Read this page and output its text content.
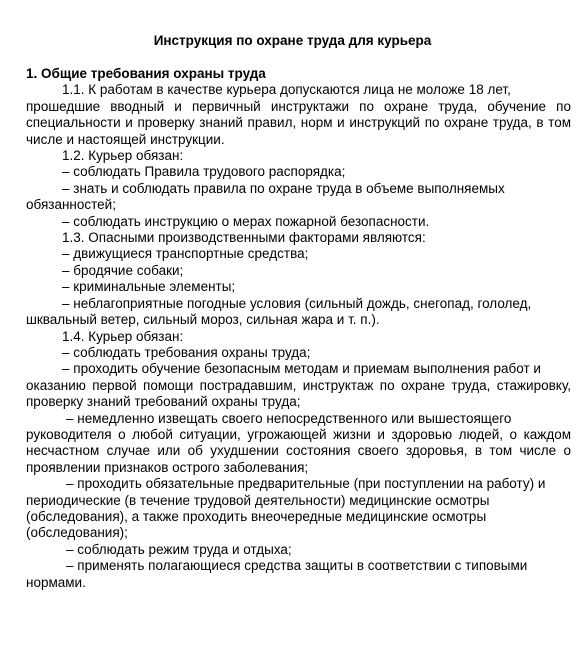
Инструкция по охране труда для курьера
1. Общие требования охраны труда
1.1. К работам в качестве курьера допускаются лица не моложе 18 лет,
прошедшие вводный и первичный инструктажи по охране труда, обучение по
специальности и проверку знаний правил, норм и инструкций по охране труда, в том
числе и настоящей инструкции.
1.2. Курьер обязан:
– соблюдать Правила трудового распорядка;
– знать и соблюдать правила по охране труда в объеме выполняемых
обязанностей;
– соблюдать инструкцию о мерах пожарной безопасности.
1.3. Опасными производственными факторами являются:
– движущиеся транспортные средства;
– бродячие собаки;
– криминальные элементы;
– неблагоприятные погодные условия (сильный дождь, снегопад, гололед,
шквальный ветер, сильный мороз, сильная жара и т. п.).
1.4. Курьер обязан:
– соблюдать требования охраны труда;
– проходить обучение безопасным методам и приемам выполнения работ и
оказанию первой помощи пострадавшим, инструктаж по охране труда, стажировку,
проверку знаний требований охраны труда;
– немедленно извещать своего непосредственного или вышестоящего
руководителя о любой ситуации, угрожающей жизни и здоровью людей, о каждом
несчастном случае или об ухудшении состояния своего здоровья, в том числе о
проявлении признаков острого заболевания;
– проходить обязательные предварительные (при поступлении на работу) и
периодические (в течение трудовой деятельности) медицинские осмотры
(обследования), а также проходить внеочередные медицинские осмотры
(обследования);
– соблюдать режим труда и отдыха;
– применять полагающиеся средства защиты в соответствии с типовыми
нормами.
